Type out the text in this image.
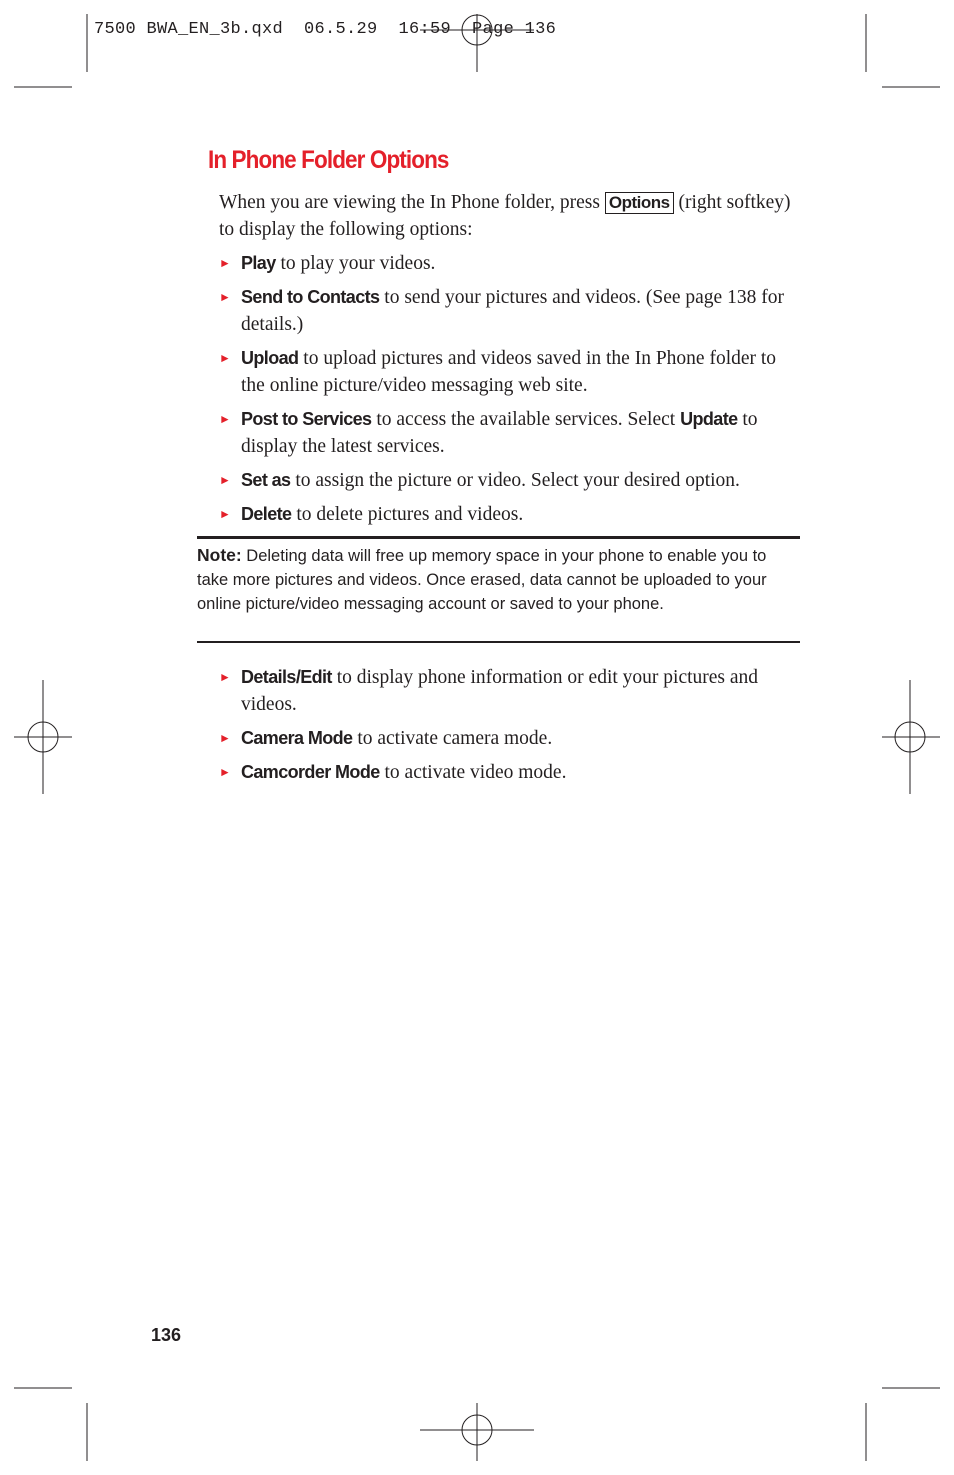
7500 BWA_EN_3b.qxd  06.5.29  16:59  Page 136
In Phone Folder Options

When you are viewing the In Phone folder, press Options (right softkey) to display the following options:

► Play to play your videos.
► Send to Contacts to send your pictures and videos. (See page 138 for details.)
► Upload to upload pictures and videos saved in the In Phone folder to the online picture/video messaging web site.
► Post to Services to access the available services. Select Update to display the latest services.
► Set as to assign the picture or video. Select your desired option.
► Delete to delete pictures and videos.
Note: Deleting data will free up memory space in your phone to enable you to take more pictures and videos. Once erased, data cannot be uploaded to your online picture/video messaging account or saved to your phone.
► Details/Edit to display phone information or edit your pictures and videos.
► Camera Mode to activate camera mode.
► Camcorder Mode to activate video mode.
136
